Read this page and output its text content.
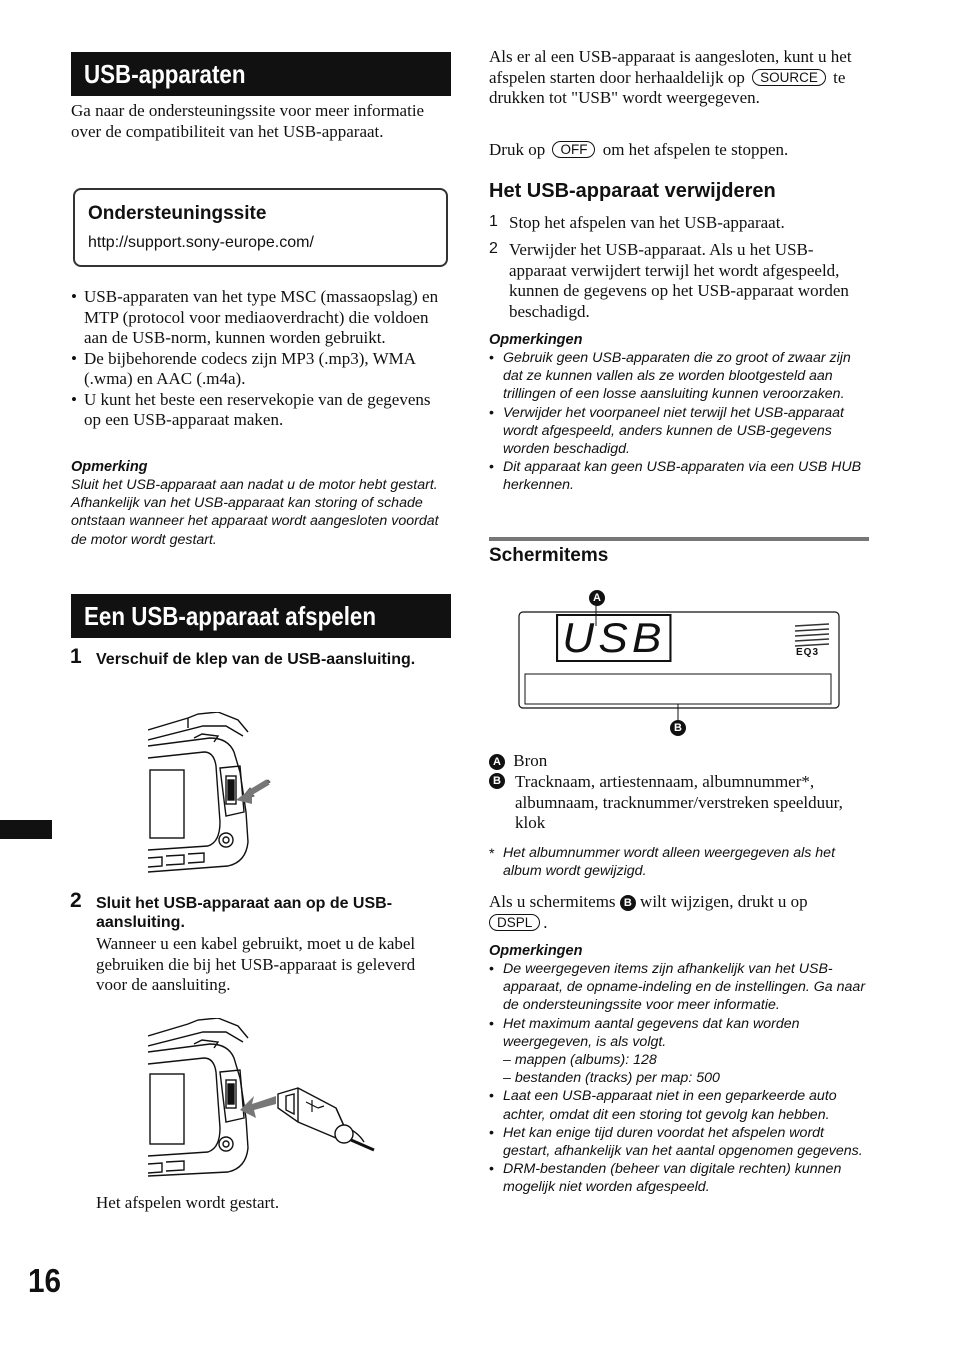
USB-apparaten
Ga naar de ondersteuningssite voor meer informatie over de compatibiliteit van het USB-apparaat.
Ondersteuningssite
http://support.sony-europe.com/
• USB-apparaten van het type MSC (massaopslag) en MTP (protocol voor mediaoverdracht) die voldoen aan de USB-norm, kunnen worden gebruikt.
• De bijbehorende codecs zijn MP3 (.mp3), WMA (.wma) en AAC (.m4a).
• U kunt het beste een reservekopie van de gegevens op een USB-apparaat maken.
Opmerking
Sluit het USB-apparaat aan nadat u de motor hebt gestart.
Afhankelijk van het USB-apparaat kan storing of schade ontstaan wanneer het apparaat wordt aangesloten voordat de motor wordt gestart.
Een USB-apparaat afspelen
1 Verschuif de klep van de USB-aansluiting.
2 Sluit het USB-apparaat aan op de USB-aansluiting.
Wanneer u een kabel gebruikt, moet u de kabel gebruiken die bij het USB-apparaat is geleverd voor de aansluiting.
Het afspelen wordt gestart.
16
Als er al een USB-apparaat is aangesloten, kunt u het afspelen starten door herhaaldelijk op SOURCE te drukken tot "USB" wordt weergegeven.
Druk op OFF om het afspelen te stoppen.
Het USB-apparaat verwijderen
1 Stop het afspelen van het USB-apparaat.
2 Verwijder het USB-apparaat. Als u het USB-apparaat verwijdert terwijl het wordt afgespeeld, kunnen de gegevens op het USB-apparaat worden beschadigd.
Opmerkingen
• Gebruik geen USB-apparaten die zo groot of zwaar zijn dat ze kunnen vallen als ze worden blootgesteld aan trillingen of een losse aansluiting kunnen veroorzaken.
• Verwijder het voorpaneel niet terwijl het USB-apparaat wordt afgespeeld, anders kunnen de USB-gegevens worden beschadigd.
• Dit apparaat kan geen USB-apparaten via een USB HUB herkennen.
Schermitems
USB	EQ3
A
B
A Bron
B Tracknaam, artiestennaam, albumnummer*, albumnaam, tracknummer/verstreken speelduur, klok
* Het albumnummer wordt alleen weergegeven als het album wordt gewijzigd.
Als u schermitems B wilt wijzigen, drukt u op
DSPL .
Opmerkingen
• De weergegeven items zijn afhankelijk van het USB-apparaat, de opname-indeling en de instellingen. Ga naar de ondersteuningssite voor meer informatie.
• Het maximum aantal gegevens dat kan worden weergegeven, is als volgt.
– mappen (albums): 128
– bestanden (tracks) per map: 500
• Laat een USB-apparaat niet in een geparkeerde auto achter, omdat dit een storing tot gevolg kan hebben.
• Het kan enige tijd duren voordat het afspelen wordt gestart, afhankelijk van het aantal opgenomen gegevens.
• DRM-bestanden (beheer van digitale rechten) kunnen mogelijk niet worden afgespeeld.
